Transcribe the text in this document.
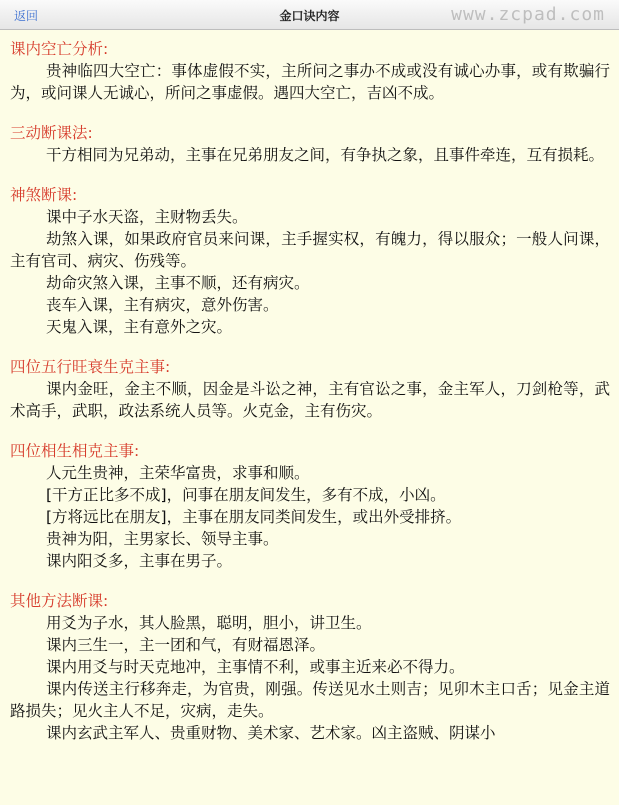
返回	金口诀内容	www.zcpad.com
课内空亡分析:

贵神临四大空亡：事体虚假不实，主所问之事办不成或没有诚心办事，或有欺骗行为，或问课人无诚心，所问之事虚假。遇四大空亡，吉凶不成。

三动断课法:

干方相同为兄弟动，主事在兄弟朋友之间，有争执之象，且事件牵连，互有损耗。

神煞断课:

课中子水天盗，主财物丢失。

劫煞入课，如果政府官员来问课，主手握实权，有魄力，得以服众；一般人问课，主有官司、病灾、伤残等。

劫命灾煞入课，主事不顺，还有病灾。

丧车入课，主有病灾，意外伤害。

天鬼入课，主有意外之灾。

四位五行旺衰生克主事:

课内金旺，金主不顺，因金是斗讼之神，主有官讼之事，金主军人，刀剑枪等，武术高手，武职，政法系统人员等。火克金，主有伤灾。

四位相生相克主事:

人元生贵神，主荣华富贵，求事和顺。

[干方正比多不成]，问事在朋友间发生，多有不成，小凶。

[方将远比在朋友]，主事在朋友同类间发生，或出外受排挤。

贵神为阳，主男家长、领导主事。

课内阳爻多，主事在男子。

其他方法断课:

用爻为子水，其人脸黑，聪明，胆小，讲卫生。

课内三生一，主一团和气，有财福恩泽。

课内用爻与时天克地冲，主事情不利，或事主近来必不得力。

课内传送主行移奔走，为官贵，刚强。传送见水土则吉；见卯木主口舌；见金主道路损失；见火主人不足，灾病，走失。

课内玄武主军人、贵重财物、美术家、艺术家。凶主盗贼、阴谋小
